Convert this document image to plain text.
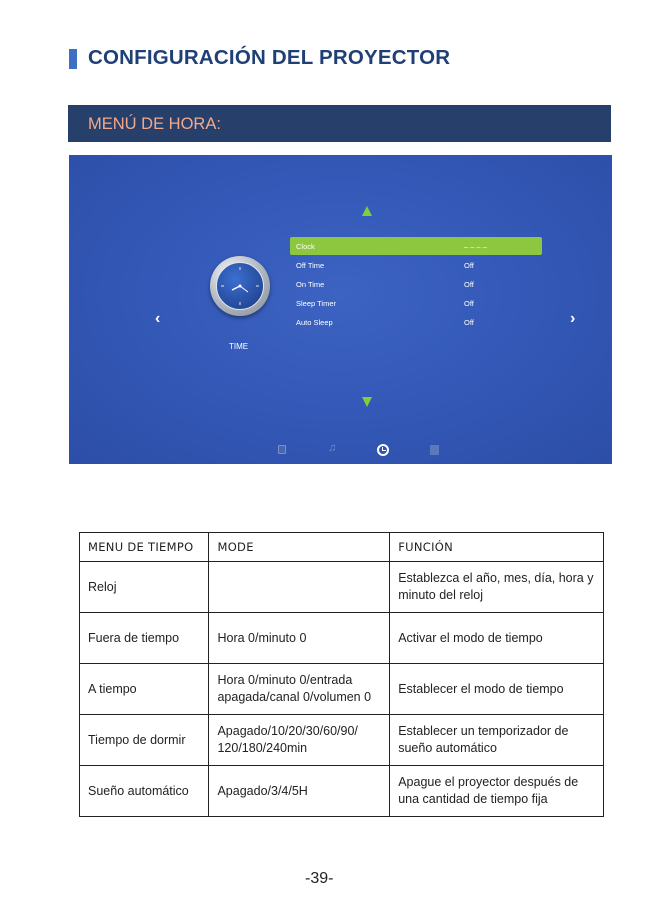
CONFIGURACIÓN DEL PROYECTOR
MENÚ DE HORA:
‹	›
TIME
Clock	– – – –
Off Time	Off
On Time	Off
Sleep Timer	Off
Auto Sleep	Off
♫
MENU DE TIEMPO	MODE	FUNCIÓN
Reloj		Establezca el año, mes, día, hora y minuto del reloj
Fuera de tiempo	Hora 0/minuto 0	Activar el modo de tiempo
A tiempo	Hora 0/minuto 0/entrada apagada/canal 0/volumen 0	Establecer el modo de tiempo
Tiempo de dormir	Apagado/10/20/30/60/90/ 120/180/240min	Establecer un temporizador de sueño automático
Sueño automático	Apagado/3/4/5H	Apague el proyector después de una cantidad de tiempo fija
-39-
